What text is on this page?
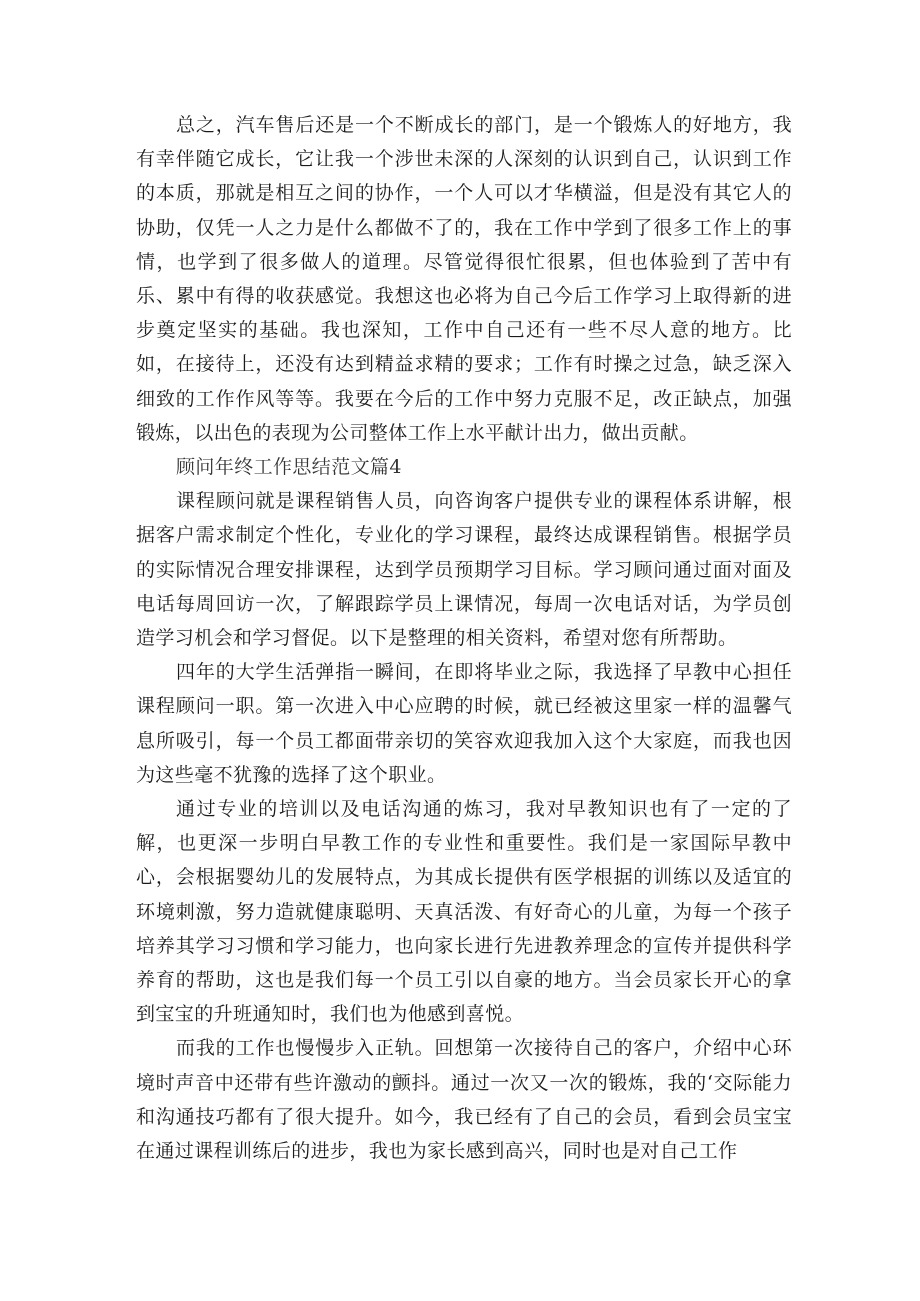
总之，汽车售后还是一个不断成长的部门，是一个锻炼人的好地方，我有幸伴随它成长，它让我一个涉世未深的人深刻的认识到自己，认识到工作的本质，那就是相互之间的协作，一个人可以才华横溢，但是没有其它人的协助，仅凭一人之力是什么都做不了的，我在工作中学到了很多工作上的事情，也学到了很多做人的道理。尽管觉得很忙很累，但也体验到了苦中有乐、累中有得的收获感觉。我想这也必将为自己今后工作学习上取得新的进步奠定坚实的基础。我也深知，工作中自己还有一些不尽人意的地方。比如，在接待上，还没有达到精益求精的要求；工作有时操之过急，缺乏深入细致的工作作风等等。我要在今后的工作中努力克服不足，改正缺点，加强锻炼，以出色的表现为公司整体工作上水平献计出力，做出贡献。

顾问年终工作思结范文篇4

课程顾问就是课程销售人员，向咨询客户提供专业的课程体系讲解，根据客户需求制定个性化，专业化的学习课程，最终达成课程销售。根据学员的实际情况合理安排课程，达到学员预期学习目标。学习顾问通过面对面及电话每周回访一次，了解跟踪学员上课情况，每周一次电话对话，为学员创造学习机会和学习督促。以下是整理的相关资料，希望对您有所帮助。

四年的大学生活弹指一瞬间，在即将毕业之际，我选择了早教中心担任课程顾问一职。第一次进入中心应聘的时候，就已经被这里家一样的温馨气息所吸引，每一个员工都面带亲切的笑容欢迎我加入这个大家庭，而我也因为这些毫不犹豫的选择了这个职业。

通过专业的培训以及电话沟通的炼习，我对早教知识也有了一定的了解，也更深一步明白早教工作的专业性和重要性。我们是一家国际早教中心，会根据婴幼儿的发展特点，为其成长提供有医学根据的训练以及适宜的环境刺激，努力造就健康聪明、天真活泼、有好奇心的儿童，为每一个孩子培养其学习习惯和学习能力，也向家长进行先进教养理念的宣传并提供科学养育的帮助，这也是我们每一个员工引以自豪的地方。当会员家长开心的拿到宝宝的升班通知时，我们也为他感到喜悦。

而我的工作也慢慢步入正轨。回想第一次接待自己的客户，介绍中心环境时声音中还带有些许激动的颤抖。通过一次又一次的锻炼，我的‘交际能力和沟通技巧都有了很大提升。如今，我已经有了自己的会员，看到会员宝宝在通过课程训练后的进步，我也为家长感到高兴，同时也是对自己工作
